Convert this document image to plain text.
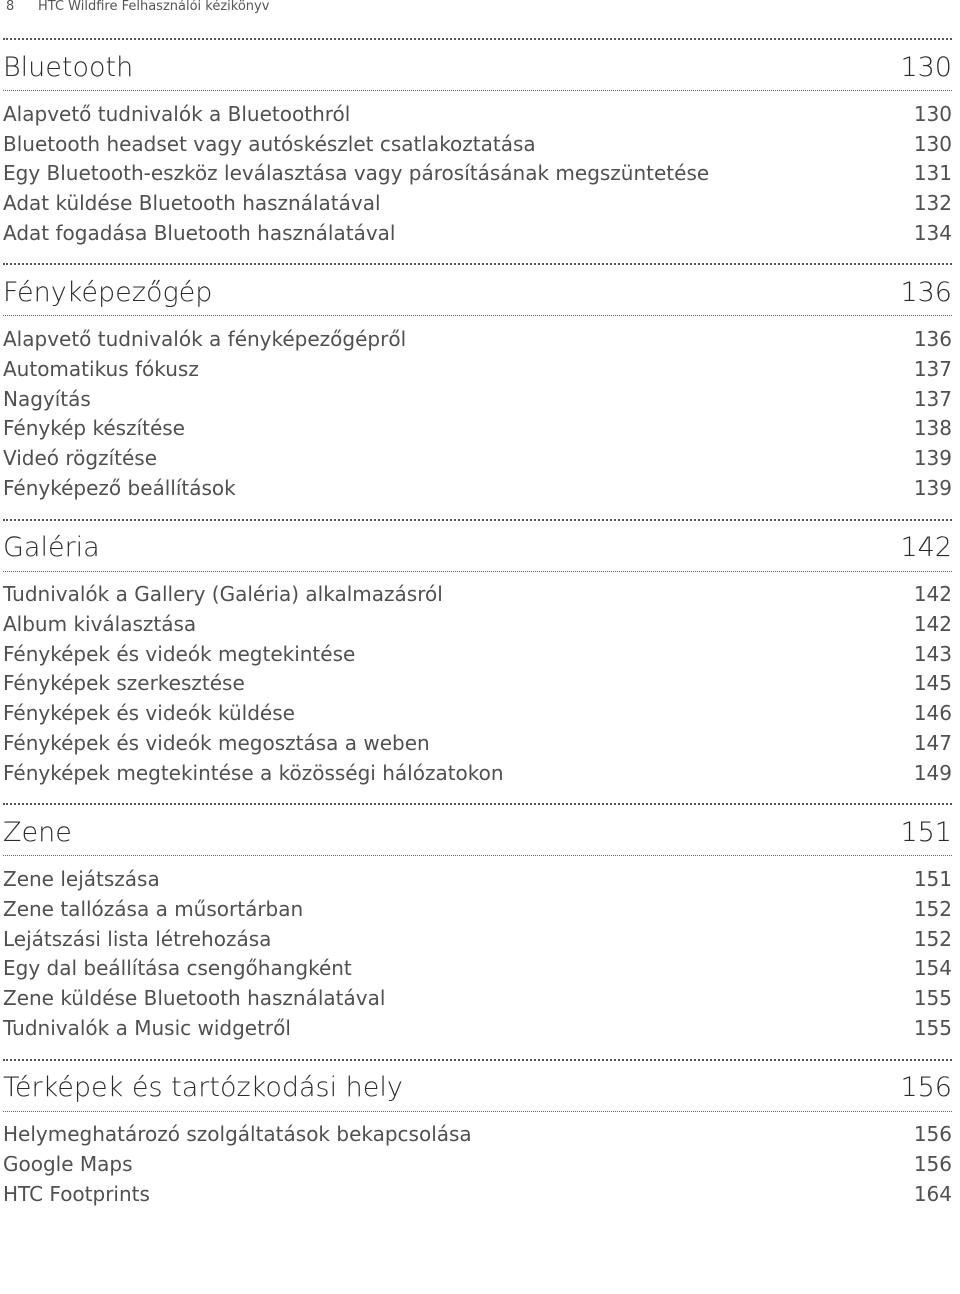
8 HTC Wildfire Felhasználói kézikönyv
Bluetooth	130
Alapvető tudnivalók a Bluetoothról	130
Bluetooth headset vagy autóskészlet csatlakoztatása	130
Egy Bluetooth-eszköz leválasztása vagy párosításának megszüntetése	131
Adat küldése Bluetooth használatával	132
Adat fogadása Bluetooth használatával	134
Fényképezőgép	136
Alapvető tudnivalók a fényképezőgépről	136
Automatikus fókusz	137
Nagyítás	137
Fénykép készítése	138
Videó rögzítése	139
Fényképező beállítások	139
Galéria	142
Tudnivalók a Gallery (Galéria) alkalmazásról	142
Album kiválasztása	142
Fényképek és videók megtekintése	143
Fényképek szerkesztése	145
Fényképek és videók küldése	146
Fényképek és videók megosztása a weben	147
Fényképek megtekintése a közösségi hálózatokon	149
Zene	151
Zene lejátszása	151
Zene tallózása a műsortárban	152
Lejátszási lista létrehozása	152
Egy dal beállítása csengőhangként	154
Zene küldése Bluetooth használatával	155
Tudnivalók a Music widgetről	155
Térképek és tartózkodási hely	156
Helymeghatározó szolgáltatások bekapcsolása	156
Google Maps	156
HTC Footprints	164
